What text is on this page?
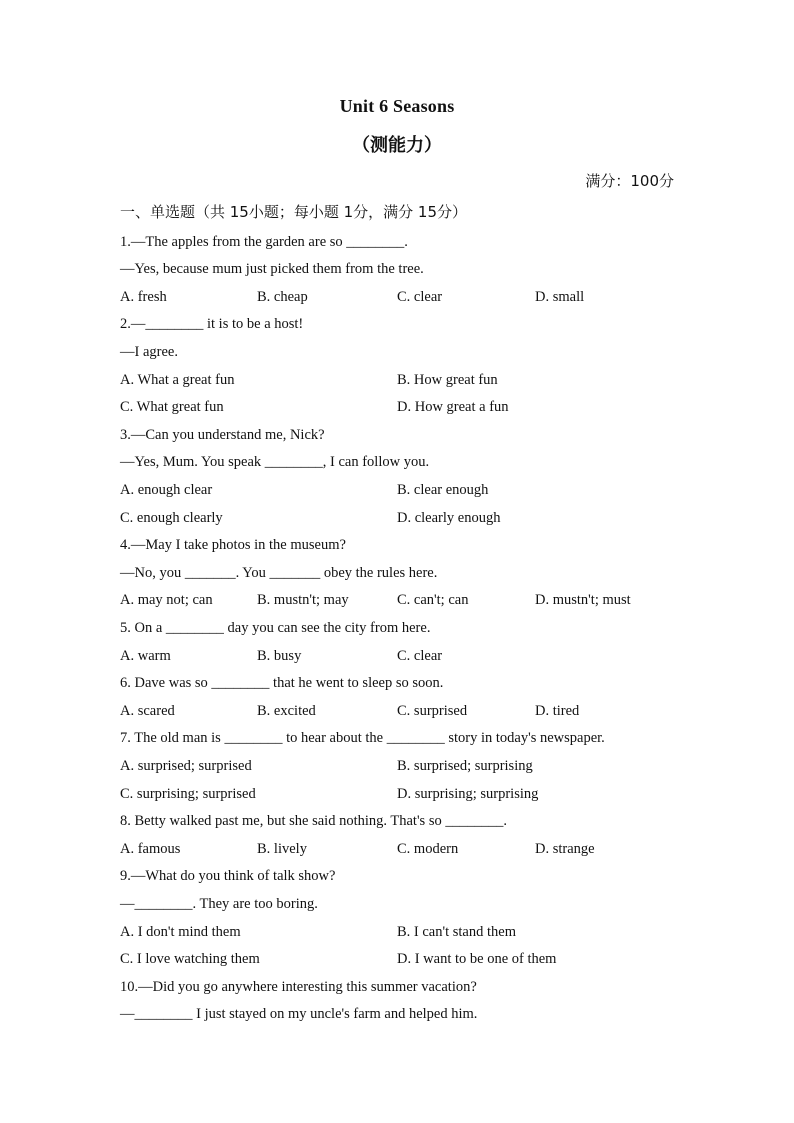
Unit 6 Seasons
（测能力）
满分：100分
一、单选题（共 15小题；每小题 1分，满分 15分）
1.—The apples from the garden are so ________.
—Yes, because mum just picked them from the tree.
A. fresh	B. cheap	C. clear	D. small
2.—________ it is to be a host!
—I agree.
A. What a great fun	B. How great fun
C. What great fun	D. How great a fun
3.—Can you understand me, Nick?
—Yes, Mum. You speak ________, I can follow you.
A. enough clear	B. clear enough
C. enough clearly	D. clearly enough
4.—May I take photos in the museum?
—No, you _______. You _______ obey the rules here.
A. may not; can	B. mustn't; may	C. can't; can	D. mustn't; must
5. On a ________ day you can see the city from here.
A. warm	B. busy	C. clear
6. Dave was so ________ that he went to sleep so soon.
A. scared	B. excited	C. surprised	D. tired
7. The old man is ________ to hear about the ________ story in today's newspaper.
A. surprised; surprised	B. surprised; surprising
C. surprising; surprised	D. surprising; surprising
8. Betty walked past me, but she said nothing. That's so ________.
A. famous	B. lively	C. modern	D. strange
9.—What do you think of talk show?
—________. They are too boring.
A. I don't mind them	B. I can't stand them
C. I love watching them	D. I want to be one of them
10.—Did you go anywhere interesting this summer vacation?
—________ I just stayed on my uncle's farm and helped him.
